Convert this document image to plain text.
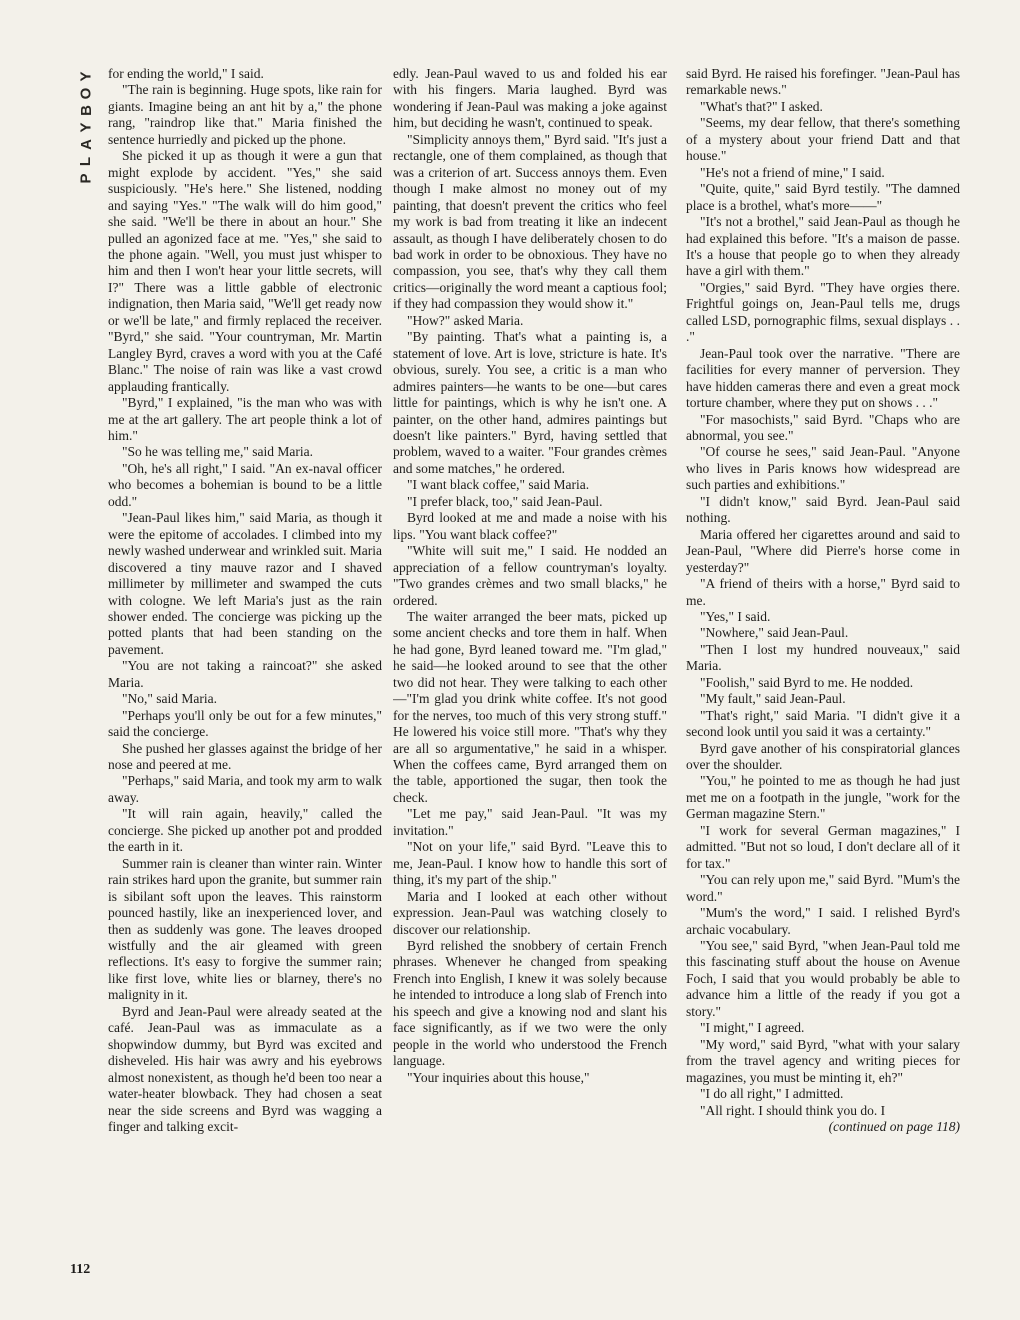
Y
O
B
Y
A
L
P

for ending the world," I said.

"The rain is beginning. Huge spots, like rain for giants. Imagine being an ant hit by a," the phone rang, "raindrop like that." Maria finished the sentence hurriedly and picked up the phone.

She picked it up as though it were a gun that might explode by accident. "Yes," she said suspiciously. "He's here." She listened, nodding and saying "Yes." "The walk will do him good," she said. "We'll be there in about an hour." She pulled an agonized face at me. "Yes," she said to the phone again. "Well, you must just whisper to him and then I won't hear your little secrets, will I?" There was a little gabble of electronic indignation, then Maria said, "We'll get ready now or we'll be late," and firmly replaced the receiver. "Byrd," she said. "Your countryman, Mr. Martin Langley Byrd, craves a word with you at the Café Blanc." The noise of rain was like a vast crowd applauding frantically.

"Byrd," I explained, "is the man who was with me at the art gallery. The art people think a lot of him."

"So he was telling me," said Maria.

"Oh, he's all right," I said. "An ex-naval officer who becomes a bohemian is bound to be a little odd."

"Jean-Paul likes him," said Maria, as though it were the epitome of accolades. I climbed into my newly washed underwear and wrinkled suit. Maria discovered a tiny mauve razor and I shaved millimeter by millimeter and swamped the cuts with cologne. We left Maria's just as the rain shower ended. The concierge was picking up the potted plants that had been standing on the pavement.

"You are not taking a raincoat?" she asked Maria.

"No," said Maria.

"Perhaps you'll only be out for a few minutes," said the concierge.

She pushed her glasses against the bridge of her nose and peered at me.

"Perhaps," said Maria, and took my arm to walk away.

"It will rain again, heavily," called the concierge. She picked up another pot and prodded the earth in it.

Summer rain is cleaner than winter rain. Winter rain strikes hard upon the granite, but summer rain is sibilant soft upon the leaves. This rainstorm pounced hastily, like an inexperienced lover, and then as suddenly was gone. The leaves drooped wistfully and the air gleamed with green reflections. It's easy to forgive the summer rain; like first love, white lies or blarney, there's no malignity in it.

Byrd and Jean-Paul were already seated at the café. Jean-Paul was as immaculate as a shopwindow dummy, but Byrd was excited and disheveled. His hair was awry and his eyebrows almost nonexistent, as though he'd been too near a water-heater blowback. They had chosen a seat near the side screens and Byrd was wagging a finger and talking excit-

edly. Jean-Paul waved to us and folded his ear with his fingers. Maria laughed. Byrd was wondering if Jean-Paul was making a joke against him, but deciding he wasn't, continued to speak.

"Simplicity annoys them," Byrd said. "It's just a rectangle, one of them complained, as though that was a criterion of art. Success annoys them. Even though I make almost no money out of my painting, that doesn't prevent the critics who feel my work is bad from treating it like an indecent assault, as though I have deliberately chosen to do bad work in order to be obnoxious. They have no compassion, you see, that's why they call them critics—originally the word meant a captious fool; if they had compassion they would show it."

"How?" asked Maria.

"By painting. That's what a painting is, a statement of love. Art is love, stricture is hate. It's obvious, surely. You see, a critic is a man who admires painters—he wants to be one—but cares little for paintings, which is why he isn't one. A painter, on the other hand, admires paintings but doesn't like painters." Byrd, having settled that problem, waved to a waiter. "Four grandes crèmes and some matches," he ordered.

"I want black coffee," said Maria.

"I prefer black, too," said Jean-Paul.

Byrd looked at me and made a noise with his lips. "You want black coffee?"

"White will suit me," I said. He nodded an appreciation of a fellow countryman's loyalty. "Two grandes crèmes and two small blacks," he ordered.

The waiter arranged the beer mats, picked up some ancient checks and tore them in half. When he had gone, Byrd leaned toward me. "I'm glad," he said—he looked around to see that the other two did not hear. They were talking to each other—"I'm glad you drink white coffee. It's not good for the nerves, too much of this very strong stuff." He lowered his voice still more. "That's why they are all so argumentative," he said in a whisper. When the coffees came, Byrd arranged them on the table, apportioned the sugar, then took the check.

"Let me pay," said Jean-Paul. "It was my invitation."

"Not on your life," said Byrd. "Leave this to me, Jean-Paul. I know how to handle this sort of thing, it's my part of the ship."

Maria and I looked at each other without expression. Jean-Paul was watching closely to discover our relationship.

Byrd relished the snobbery of certain French phrases. Whenever he changed from speaking French into English, I knew it was solely because he intended to introduce a long slab of French into his speech and give a knowing nod and slant his face significantly, as if we two were the only people in the world who understood the French language.

"Your inquiries about this house,"

said Byrd. He raised his forefinger. "Jean-Paul has remarkable news."

"What's that?" I asked.

"Seems, my dear fellow, that there's something of a mystery about your friend Datt and that house."

"He's not a friend of mine," I said.

"Quite, quite," said Byrd testily. "The damned place is a brothel, what's more——"

"It's not a brothel," said Jean-Paul as though he had explained this before. "It's a maison de passe. It's a house that people go to when they already have a girl with them."

"Orgies," said Byrd. "They have orgies there. Frightful goings on, Jean-Paul tells me, drugs called LSD, pornographic films, sexual displays . . ."

Jean-Paul took over the narrative. "There are facilities for every manner of perversion. They have hidden cameras there and even a great mock torture chamber, where they put on shows . . ."

"For masochists," said Byrd. "Chaps who are abnormal, you see."

"Of course he sees," said Jean-Paul. "Anyone who lives in Paris knows how widespread are such parties and exhibitions."

"I didn't know," said Byrd. Jean-Paul said nothing.

Maria offered her cigarettes around and said to Jean-Paul, "Where did Pierre's horse come in yesterday?"

"A friend of theirs with a horse," Byrd said to me.

"Yes," I said.

"Nowhere," said Jean-Paul.

"Then I lost my hundred nouveaux," said Maria.

"Foolish," said Byrd to me. He nodded.

"My fault," said Jean-Paul.

"That's right," said Maria. "I didn't give it a second look until you said it was a certainty."

Byrd gave another of his conspiratorial glances over the shoulder.

"You," he pointed to me as though he had just met me on a footpath in the jungle, "work for the German magazine Stern."

"I work for several German magazines," I admitted. "But not so loud, I don't declare all of it for tax."

"You can rely upon me," said Byrd. "Mum's the word."

"Mum's the word," I said. I relished Byrd's archaic vocabulary.

"You see," said Byrd, "when Jean-Paul told me this fascinating stuff about the house on Avenue Foch, I said that you would probably be able to advance him a little of the ready if you got a story."

"I might," I agreed.

"My word," said Byrd, "what with your salary from the travel agency and writing pieces for magazines, you must be minting it, eh?"

"I do all right," I admitted.

"All right. I should think you do. I

(continued on page 118)

112
